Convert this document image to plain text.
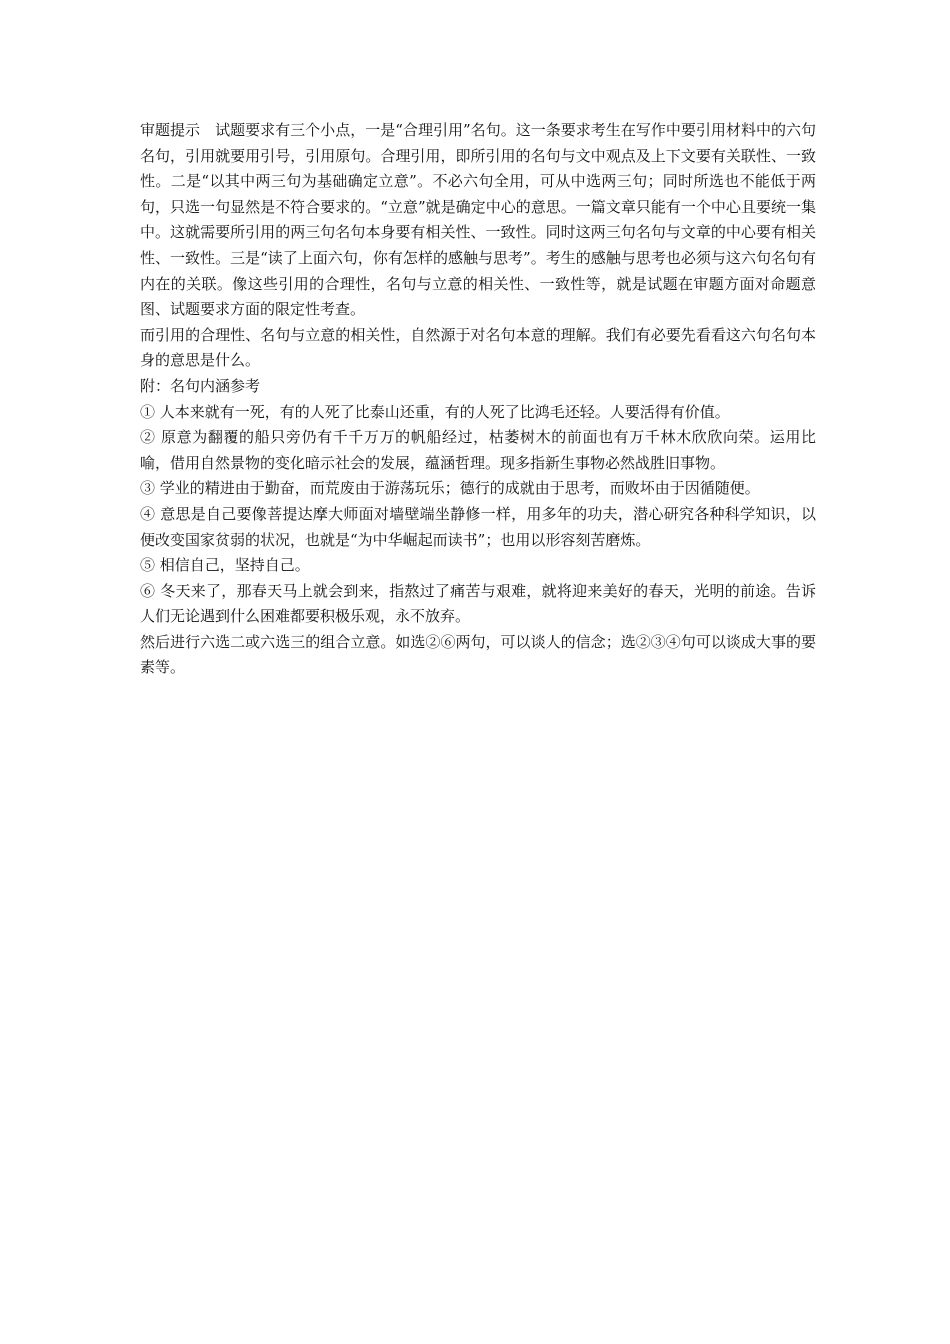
审题提示　试题要求有三个小点，一是“合理引用”名句。这一条要求考生在写作中要引用材料中的六句名句，引用就要用引号，引用原句。合理引用，即所引用的名句与文中观点及上下文要有关联性、一致性。二是“以其中两三句为基础确定立意”。不必六句全用，可从中选两三句；同时所选也不能低于两句，只选一句显然是不符合要求的。“立意”就是确定中心的意思。一篇文章只能有一个中心且要统一集中。这就需要所引用的两三句名句本身要有相关性、一致性。同时这两三句名句与文章的中心要有相关性、一致性。三是“读了上面六句，你有怎样的感触与思考”。考生的感触与思考也必须与这六句名句有内在的关联。像这些引用的合理性，名句与立意的相关性、一致性等，就是试题在审题方面对命题意图、试题要求方面的限定性考查。

而引用的合理性、名句与立意的相关性，自然源于对名句本意的理解。我们有必要先看看这六句名句本身的意思是什么。

附：名句内涵参考

① 人本来就有一死，有的人死了比泰山还重，有的人死了比鸿毛还轻。人要活得有价值。

② 原意为翻覆的船只旁仍有千千万万的帆船经过，枯萎树木的前面也有万千林木欣欣向荣。运用比喻，借用自然景物的变化暗示社会的发展，蕴涵哲理。现多指新生事物必然战胜旧事物。

③ 学业的精进由于勤奋，而荒废由于游荡玩乐；德行的成就由于思考，而败坏由于因循随便。

④ 意思是自己要像菩提达摩大师面对墙壁端坐静修一样，用多年的功夫，潜心研究各种科学知识，以便改变国家贫弱的状况，也就是“为中华崛起而读书”；也用以形容刻苦磨炼。

⑤ 相信自己，坚持自己。

⑥ 冬天来了，那春天马上就会到来，指熬过了痛苦与艰难，就将迎来美好的春天，光明的前途。告诉人们无论遇到什么困难都要积极乐观，永不放弃。

然后进行六选二或六选三的组合立意。如选②⑥两句，可以谈人的信念；选②③④句可以谈成大事的要素等。
